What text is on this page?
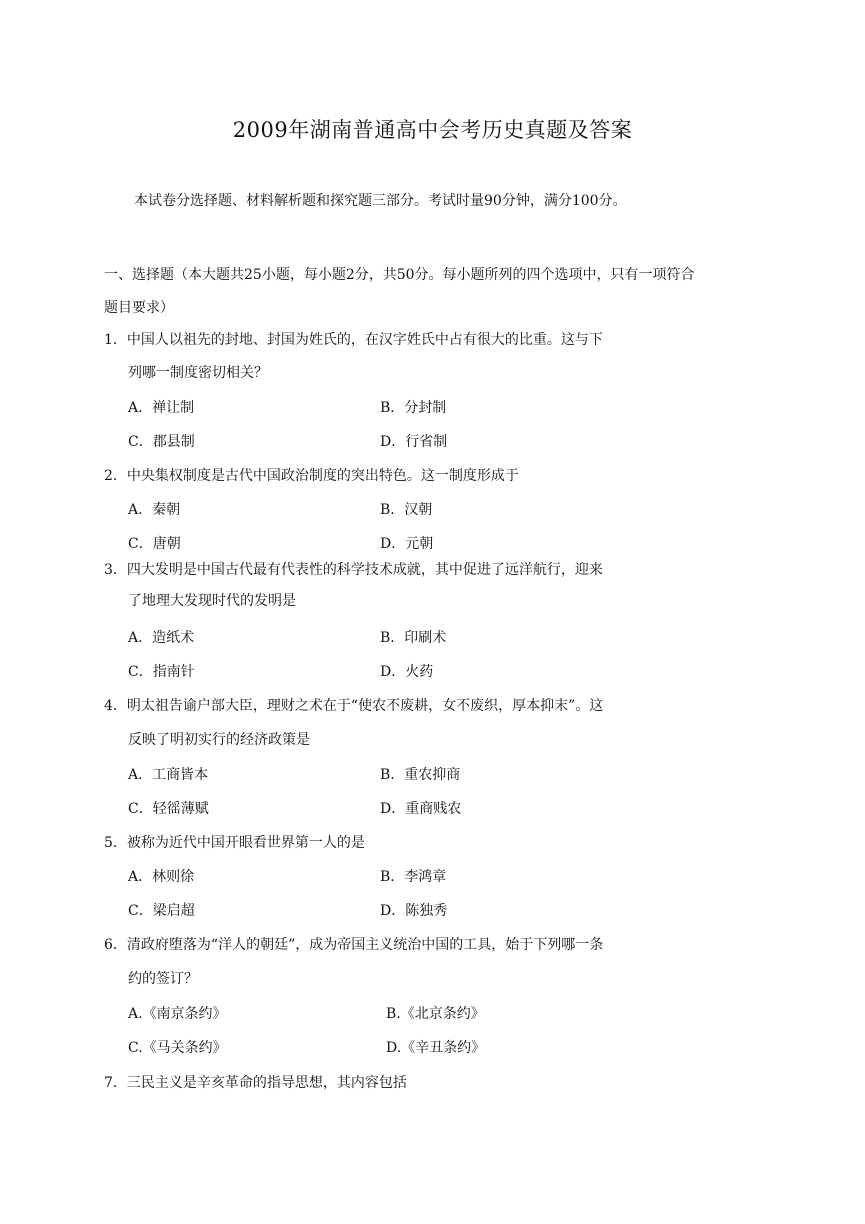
2009年湖南普通高中会考历史真题及答案
本试卷分选择题、材料解析题和探究题三部分。考试时量90分钟，满分100分。
一、选择题（本大题共25小题，每小题2分，共50分。每小题所列的四个选项中，只有一项符合
题目要求）
1．中国人以祖先的封地、封国为姓氏的，在汉字姓氏中占有很大的比重。这与下
列哪一制度密切相关？
A．禅让制	B．分封制
C．郡县制	D．行省制
2．中央集权制度是古代中国政治制度的突出特色。这一制度形成于
A．秦朝	B．汉朝
C．唐朝	D．元朝
3．四大发明是中国古代最有代表性的科学技术成就，其中促进了远洋航行，迎来
了地理大发现时代的发明是
A．造纸术	B．印刷术
C．指南针	D．火药
4．明太祖告谕户部大臣，理财之术在于“使农不废耕，女不废织，厚本抑末”。这
反映了明初实行的经济政策是
A．工商皆本	B．重农抑商
C．轻徭薄赋	D．重商贱农
5．被称为近代中国开眼看世界第一人的是
A．林则徐	B．李鸿章
C．梁启超	D．陈独秀
6．清政府堕落为“洋人的朝廷”，成为帝国主义统治中国的工具，始于下列哪一条
约的签订？
A.《南京条约》	B.《北京条约》
C.《马关条约》	D.《辛丑条约》
7．三民主义是辛亥革命的指导思想，其内容包括
